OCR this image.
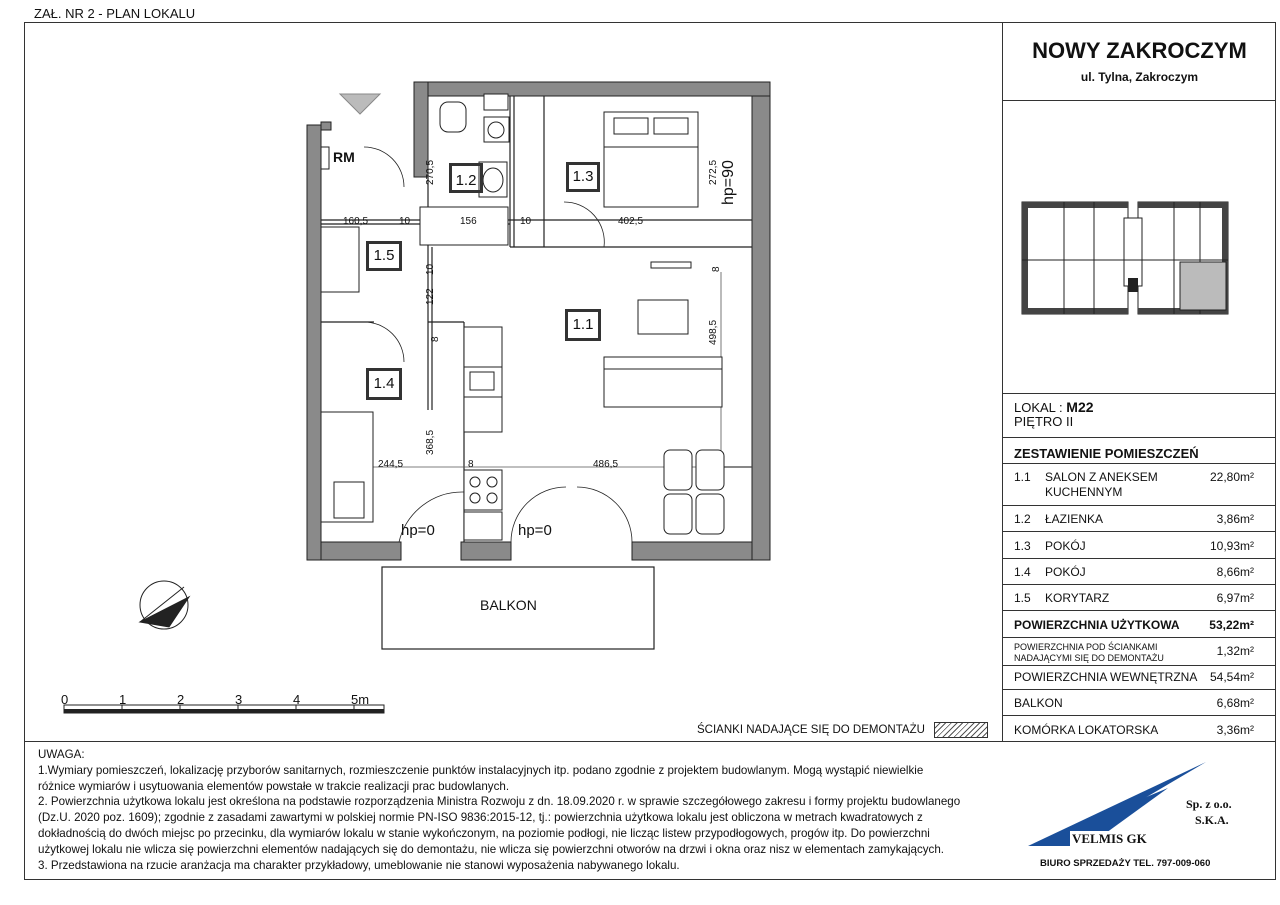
ZAŁ. NR 2 - PLAN LOKALU
RM
1.2	1.3
1.5
1.1
1.4
BALKON
hp=90
hp=0	hp=0
270,5
160,5	10	156	10	402,5
272,5
10
122
8
498,5
8
244,5	8	486,5
368,5
0	1	2	3	4	5m
ŚCIANKI NADAJĄCE SIĘ DO DEMONTAŻU
NOWY ZAKROCZYM
ul. Tylna, Zakroczym
LOKAL : M22
PIĘTRO II
ZESTAWIENIE POMIESZCZEŃ
1.1 SALON Z ANEKSEM
KUCHENNYM
22,80m²
1.2 ŁAZIENKA	3,86m²
1.3 POKÓJ	10,93m²
1.4 POKÓJ	8,66m²
1.5 KORYTARZ	6,97m²
POWIERZCHNIA UŻYTKOWA 53,22m²
POWIERZCHNIA POD ŚCIANKAMI
NADAJĄCYMI SIĘ DO DEMONTAŻU	1,32m²
POWIERZCHNIA WEWNĘTRZNA 54,54m²
BALKON	6,68m²
KOMÓRKA LOKATORSKA	3,36m²

UWAGA:

1.Wymiary pomieszczeń, lokalizację przyborów sanitarnych, rozmieszczenie punktów instalacyjnych itp. podano zgodnie z projektem budowlanym. Mogą wystąpić niewielkie

różnice wymiarów i usytuowania elementów powstałe w trakcie realizacji prac budowlanych.

2. Powierzchnia użytkowa lokalu jest określona na podstawie rozporządzenia Ministra Rozwoju z dn. 18.09.2020 r. w sprawie szczegółowego zakresu i formy projektu budowlanego

(Dz.U. 2020 poz. 1609); zgodnie z zasadami zawartymi w polskiej normie PN-ISO 9836:2015-12, tj.: powierzchnia użytkowa lokalu jest obliczona w metrach kwadratowych z

dokładnością do dwóch miejsc po przecinku, dla wymiarów lokalu w stanie wykończonym, na poziomie podłogi, nie licząc listew przypodłogowych, progów itp. Do powierzchni

użytkowej lokalu nie wlicza się powierzchni elementów nadających się do demontażu, nie wlicza się powierzchni otworów na drzwi i okna oraz nisz w elementach zamykających.

3. Przedstawiona na rzucie aranżacja ma charakter przykładowy, umeblowanie nie stanowi wyposażenia nabywanego lokalu.

VELMIS GK
Sp. z o.o.
S.K.A.
BIURO SPRZEDAŻY TEL. 797-009-060
